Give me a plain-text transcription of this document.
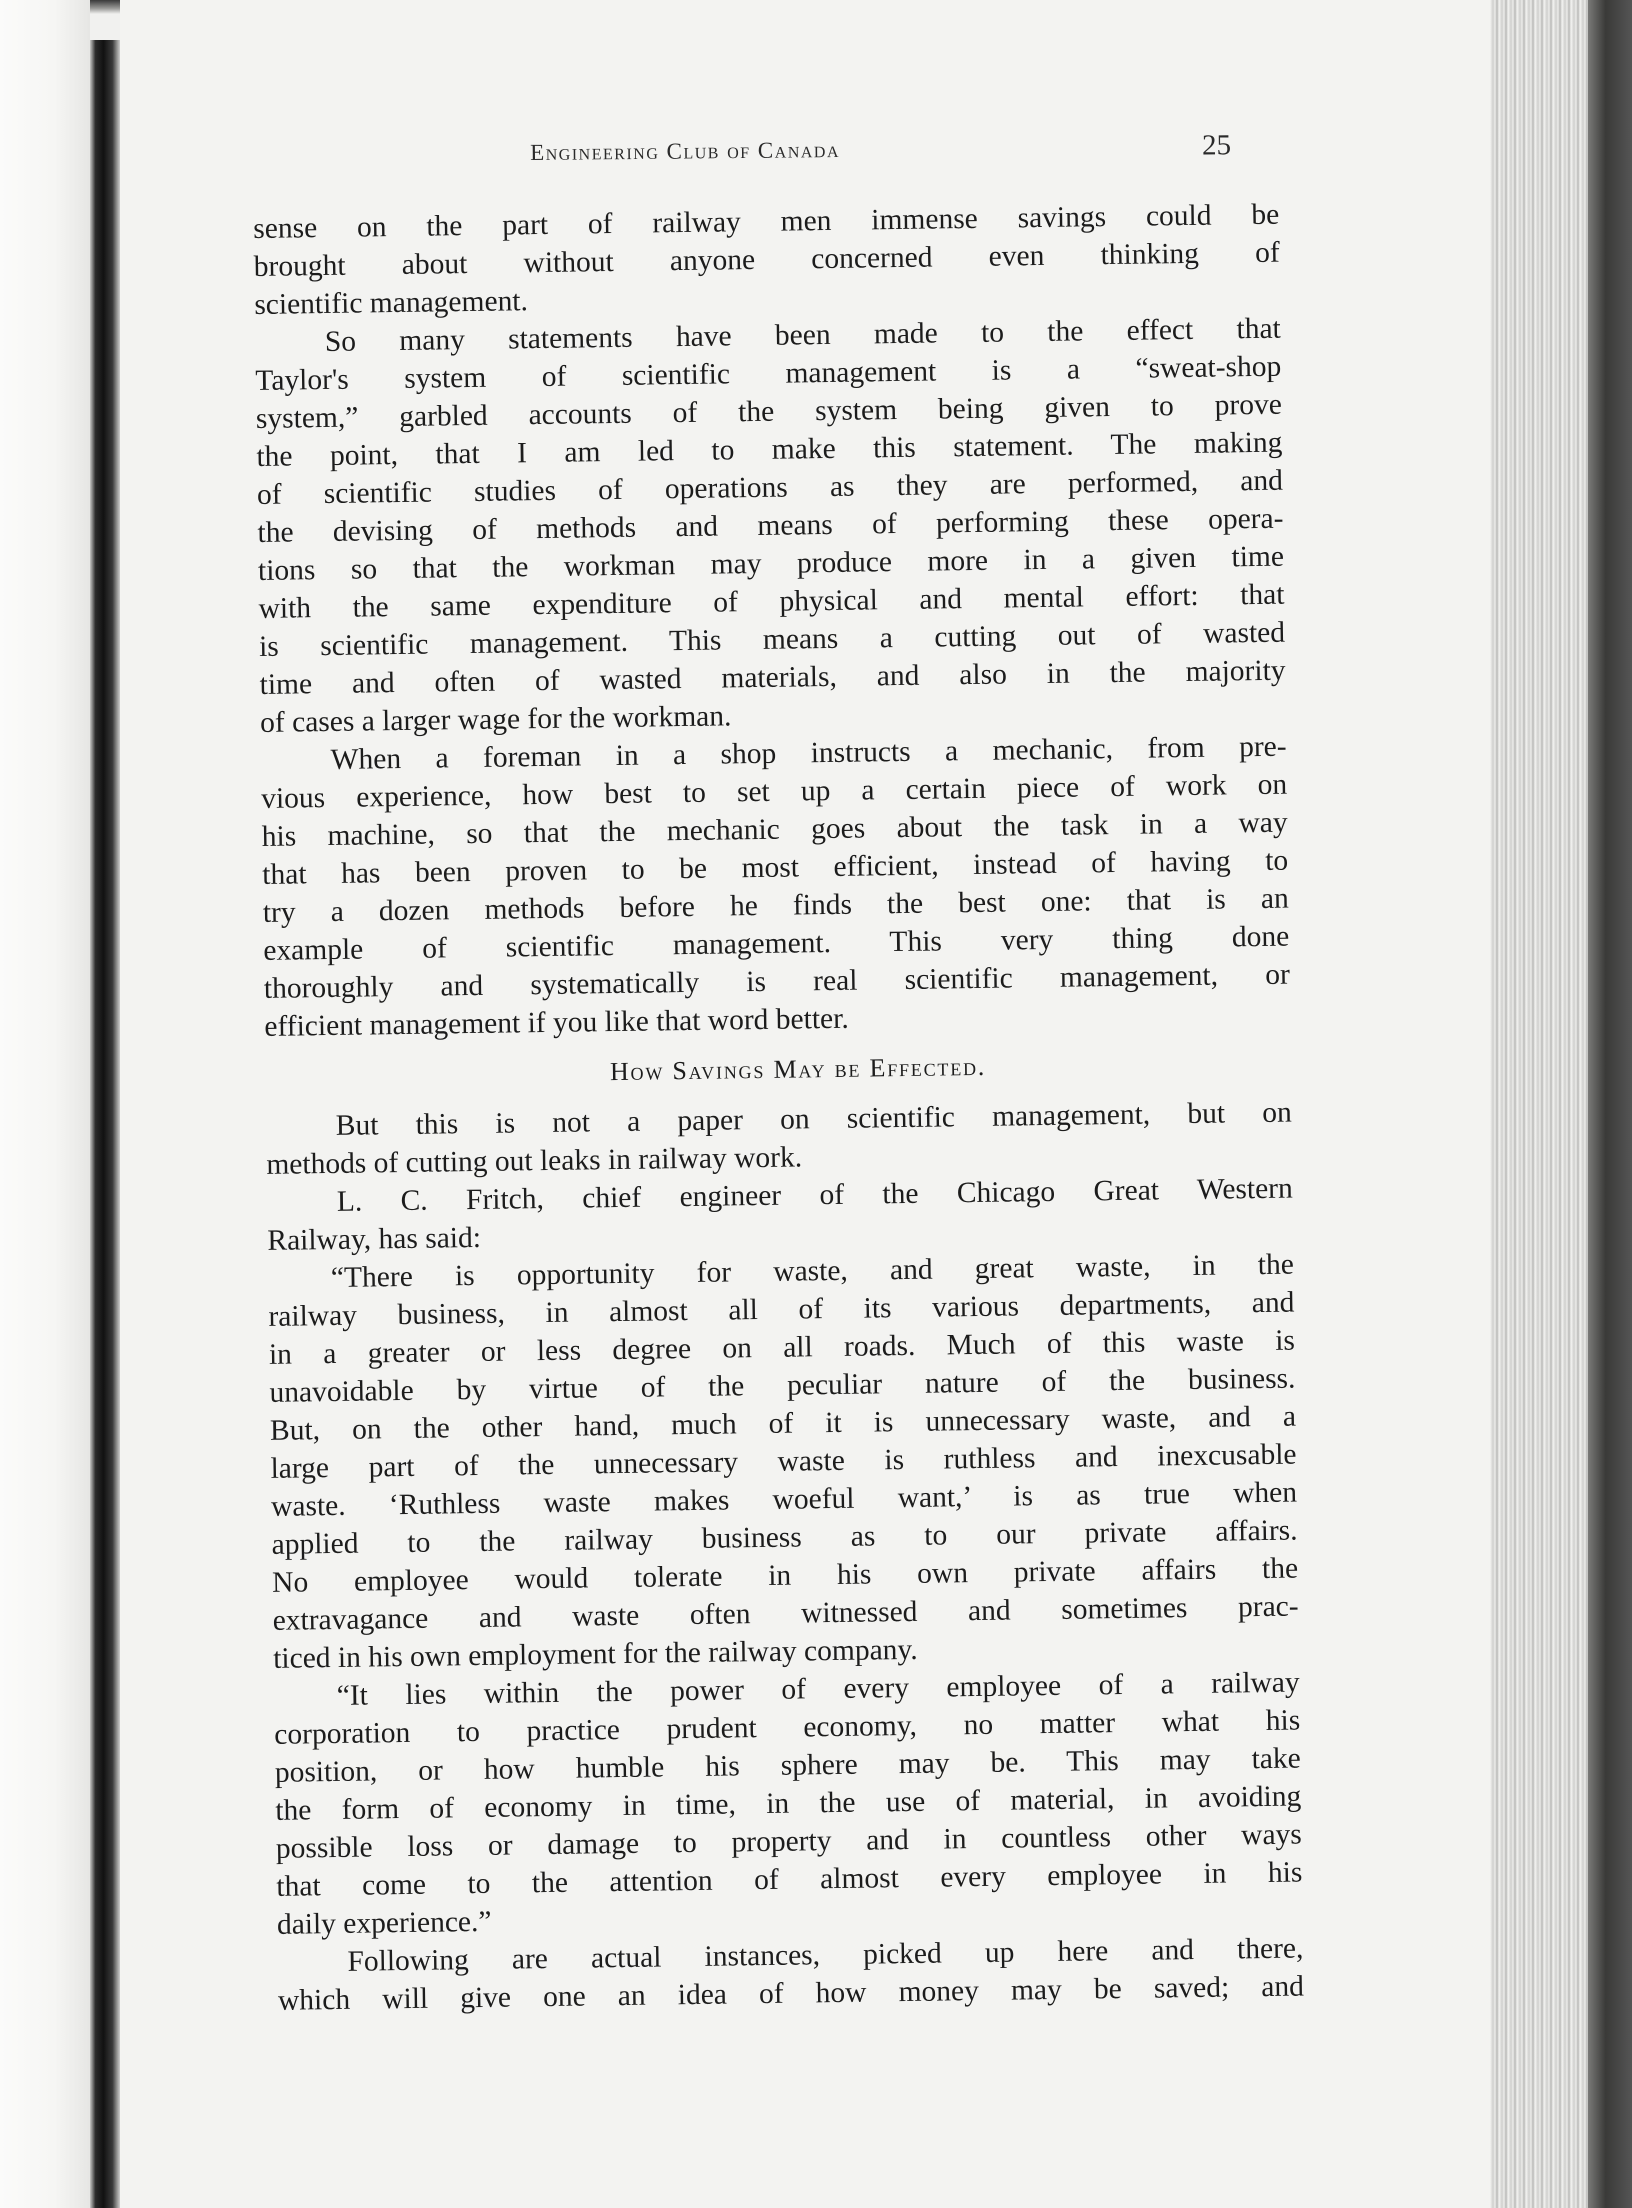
Engineering Club of Canada	25
sense on the part of railway men immense savings could be
brought about without anyone concerned even thinking of
scientific management.
So many statements have been made to the effect that
Taylor's system of scientific management is a “sweat-shop
system,” garbled accounts of the system being given to prove
the point, that I am led to make this statement. The making
of scientific studies of operations as they are performed, and
the devising of methods and means of performing these opera-
tions so that the workman may produce more in a given time
with the same expenditure of physical and mental effort: that
is scientific management. This means a cutting out of wasted
time and often of wasted materials, and also in the majority
of cases a larger wage for the workman.
When a foreman in a shop instructs a mechanic, from pre-
vious experience, how best to set up a certain piece of work on
his machine, so that the mechanic goes about the task in a way
that has been proven to be most efficient, instead of having to
try a dozen methods before he finds the best one: that is an
example of scientific management. This very thing done
thoroughly and systematically is real scientific management, or
efficient management if you like that word better.
How Savings May be Effected.
But this is not a paper on scientific management, but on
methods of cutting out leaks in railway work.
L. C. Fritch, chief engineer of the Chicago Great Western
Railway, has said:
“There is opportunity for waste, and great waste, in the
railway business, in almost all of its various departments, and
in a greater or less degree on all roads. Much of this waste is
unavoidable by virtue of the peculiar nature of the business.
But, on the other hand, much of it is unnecessary waste, and a
large part of the unnecessary waste is ruthless and inexcusable
waste. ‘Ruthless waste makes woeful want,’ is as true when
applied to the railway business as to our private affairs.
No employee would tolerate in his own private affairs the
extravagance and waste often witnessed and sometimes prac-
ticed in his own employment for the railway company.
“It lies within the power of every employee of a railway
corporation to practice prudent economy, no matter what his
position, or how humble his sphere may be. This may take
the form of economy in time, in the use of material, in avoiding
possible loss or damage to property and in countless other ways
that come to the attention of almost every employee in his
daily experience.”
Following are actual instances, picked up here and there,
which will give one an idea of how money may be saved; and
